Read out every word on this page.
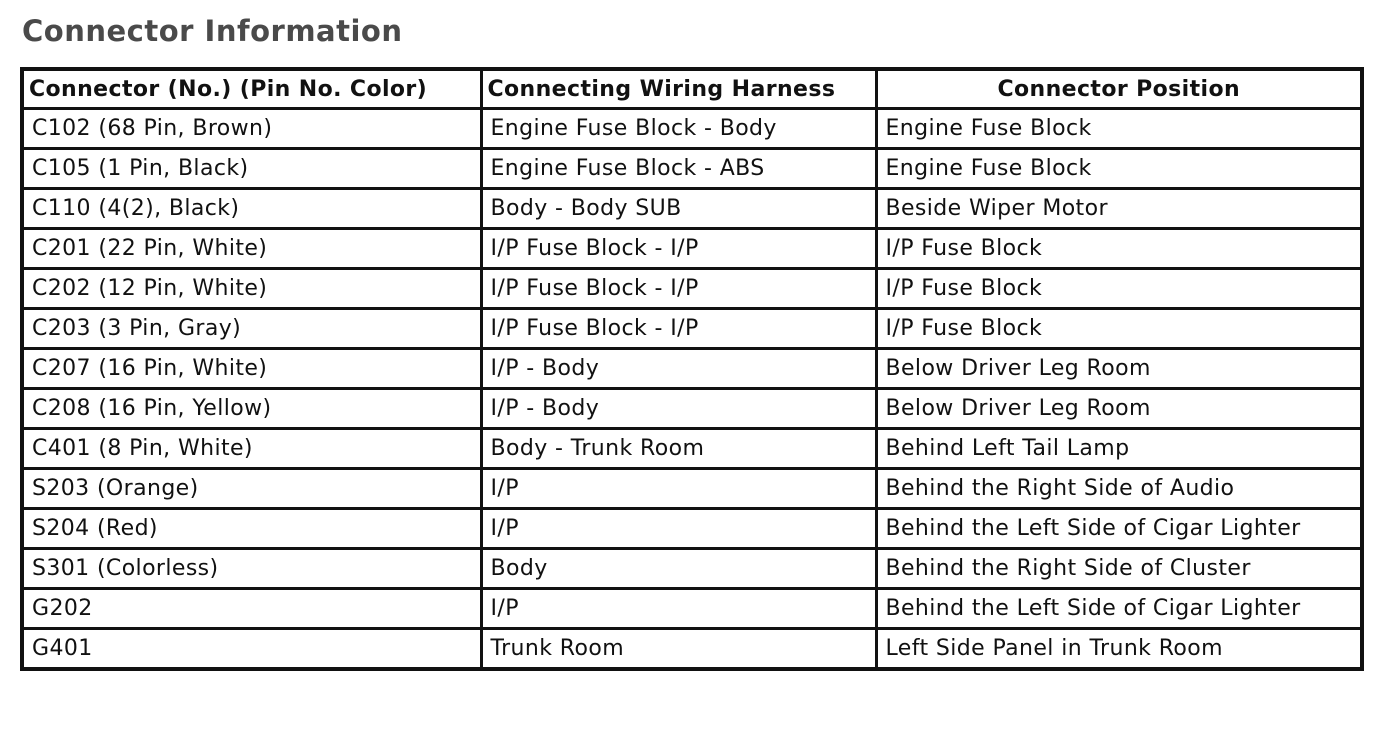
Connector Information
Connector (No.) (Pin No. Color)	Connecting Wiring Harness	Connector Position
C102 (68 Pin, Brown)	Engine Fuse Block - Body	Engine Fuse Block
C105 (1 Pin, Black)	Engine Fuse Block - ABS	Engine Fuse Block
C110 (4(2), Black)	Body - Body SUB	Beside Wiper Motor
C201 (22 Pin, White)	I/P Fuse Block - I/P	I/P Fuse Block
C202 (12 Pin, White)	I/P Fuse Block - I/P	I/P Fuse Block
C203 (3 Pin, Gray)	I/P Fuse Block - I/P	I/P Fuse Block
C207 (16 Pin, White)	I/P - Body	Below Driver Leg Room
C208 (16 Pin, Yellow)	I/P - Body	Below Driver Leg Room
C401 (8 Pin, White)	Body - Trunk Room	Behind Left Tail Lamp
S203 (Orange)	I/P	Behind the Right Side of Audio
S204 (Red)	I/P	Behind the Left Side of Cigar Lighter
S301 (Colorless)	Body	Behind the Right Side of Cluster
G202	I/P	Behind the Left Side of Cigar Lighter
G401	Trunk Room	Left Side Panel in Trunk Room
